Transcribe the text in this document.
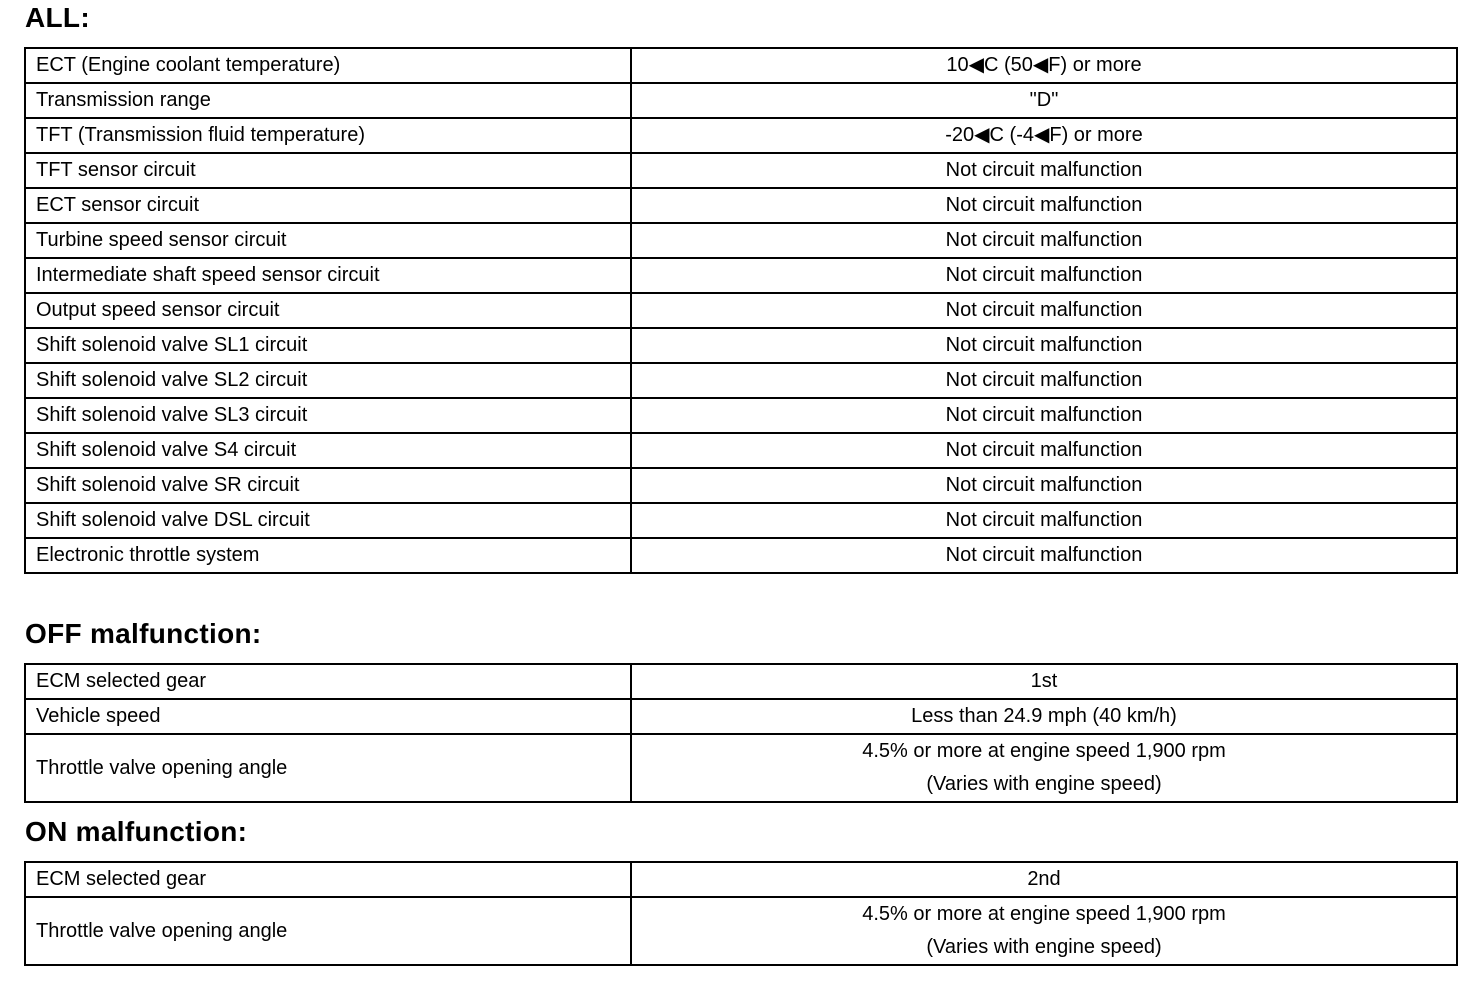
ALL:
ECT (Engine coolant temperature)	10◀C (50◀F) or more
Transmission range	"D"
TFT (Transmission fluid temperature)	-20◀C (-4◀F) or more
TFT sensor circuit	Not circuit malfunction
ECT sensor circuit	Not circuit malfunction
Turbine speed sensor circuit	Not circuit malfunction
Intermediate shaft speed sensor circuit	Not circuit malfunction
Output speed sensor circuit	Not circuit malfunction
Shift solenoid valve SL1 circuit	Not circuit malfunction
Shift solenoid valve SL2 circuit	Not circuit malfunction
Shift solenoid valve SL3 circuit	Not circuit malfunction
Shift solenoid valve S4 circuit	Not circuit malfunction
Shift solenoid valve SR circuit	Not circuit malfunction
Shift solenoid valve DSL circuit	Not circuit malfunction
Electronic throttle system	Not circuit malfunction
OFF malfunction:
ECM selected gear	1st
Vehicle speed	Less than 24.9 mph (40 km/h)
Throttle valve opening angle	4.5% or more at engine speed 1,900 rpm
(Varies with engine speed)
ON malfunction:
ECM selected gear	2nd
Throttle valve opening angle	4.5% or more at engine speed 1,900 rpm
(Varies with engine speed)
